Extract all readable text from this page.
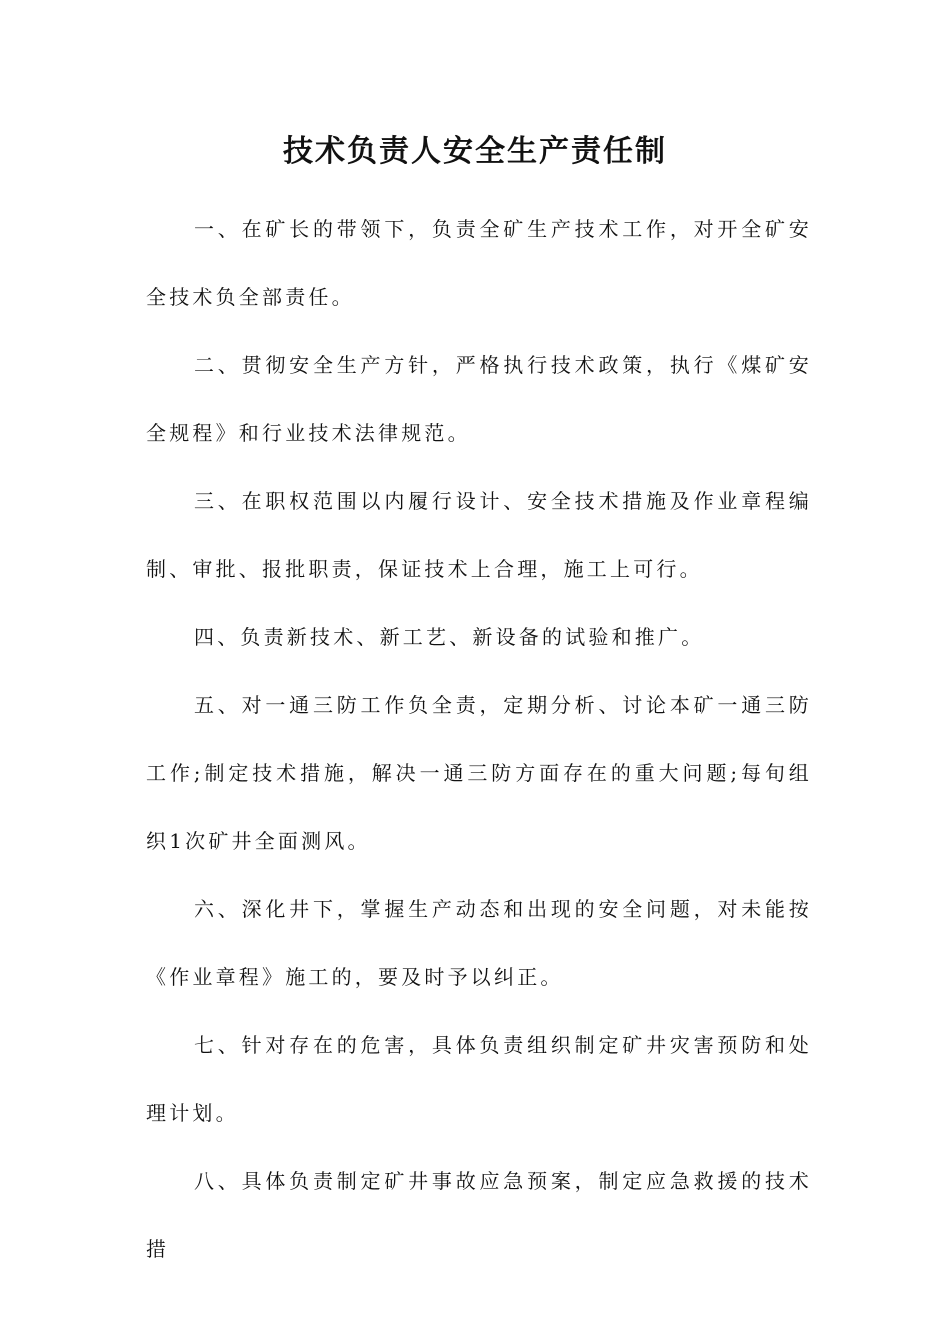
技术负责人安全生产责任制

一、在矿长的带领下，负责全矿生产技术工作，对开全矿安全技术负全部责任。

二、贯彻安全生产方针，严格执行技术政策，执行《煤矿安全规程》和行业技术法律规范。

三、在职权范围以内履行设计、安全技术措施及作业章程编制、审批、报批职责，保证技术上合理，施工上可行。

四、负责新技术、新工艺、新设备的试验和推广。

五、对一通三防工作负全责，定期分析、讨论本矿一通三防 工作;制定技术措施，解决一通三防方面存在的重大问题;每旬组织1次矿井全面测风。

六、深化井下，掌握生产动态和出现的安全问题，对未能按《作业章程》施工的，要及时予以纠正。

七、针对存在的危害，具体负责组织制定矿井灾害预防和处理计划。

八、具体负责制定矿井事故应急预案，制定应急救援的技术措
